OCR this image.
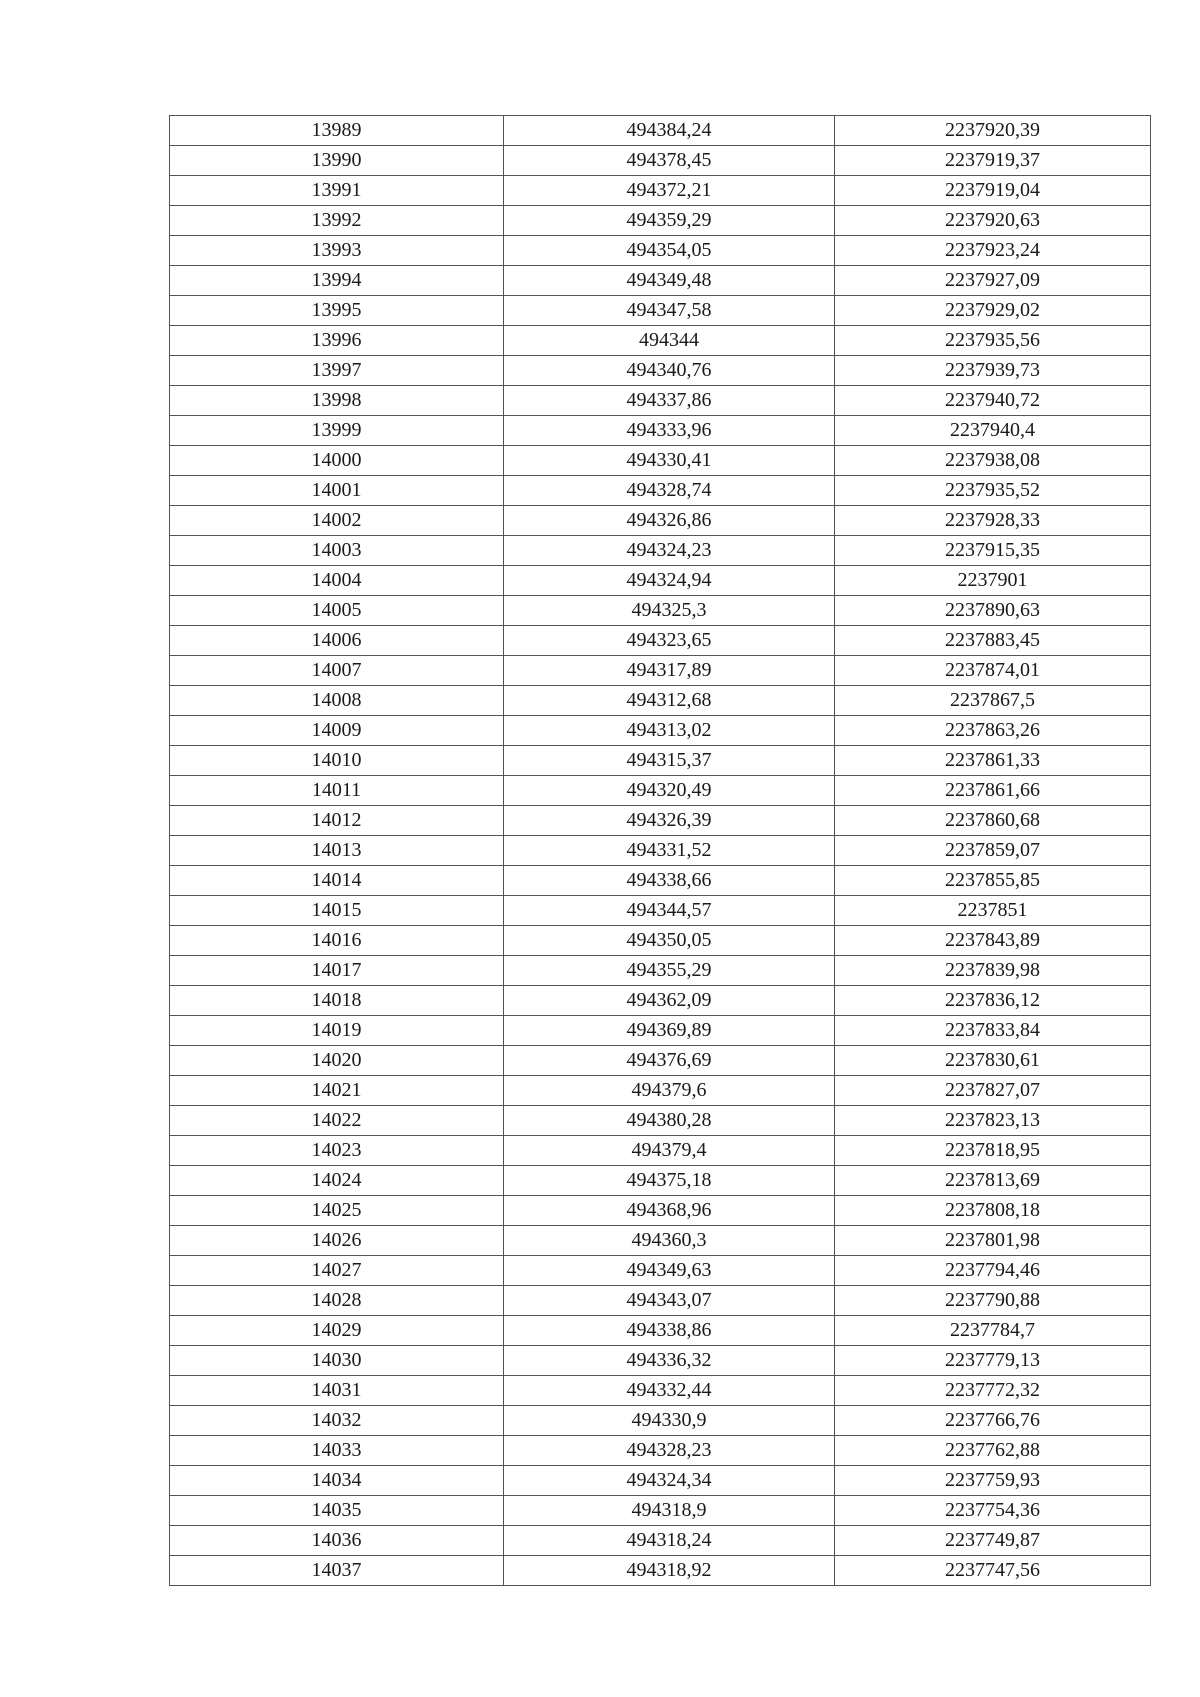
13989	494384,24	2237920,39
13990	494378,45	2237919,37
13991	494372,21	2237919,04
13992	494359,29	2237920,63
13993	494354,05	2237923,24
13994	494349,48	2237927,09
13995	494347,58	2237929,02
13996	494344	2237935,56
13997	494340,76	2237939,73
13998	494337,86	2237940,72
13999	494333,96	2237940,4
14000	494330,41	2237938,08
14001	494328,74	2237935,52
14002	494326,86	2237928,33
14003	494324,23	2237915,35
14004	494324,94	2237901
14005	494325,3	2237890,63
14006	494323,65	2237883,45
14007	494317,89	2237874,01
14008	494312,68	2237867,5
14009	494313,02	2237863,26
14010	494315,37	2237861,33
14011	494320,49	2237861,66
14012	494326,39	2237860,68
14013	494331,52	2237859,07
14014	494338,66	2237855,85
14015	494344,57	2237851
14016	494350,05	2237843,89
14017	494355,29	2237839,98
14018	494362,09	2237836,12
14019	494369,89	2237833,84
14020	494376,69	2237830,61
14021	494379,6	2237827,07
14022	494380,28	2237823,13
14023	494379,4	2237818,95
14024	494375,18	2237813,69
14025	494368,96	2237808,18
14026	494360,3	2237801,98
14027	494349,63	2237794,46
14028	494343,07	2237790,88
14029	494338,86	2237784,7
14030	494336,32	2237779,13
14031	494332,44	2237772,32
14032	494330,9	2237766,76
14033	494328,23	2237762,88
14034	494324,34	2237759,93
14035	494318,9	2237754,36
14036	494318,24	2237749,87
14037	494318,92	2237747,56
